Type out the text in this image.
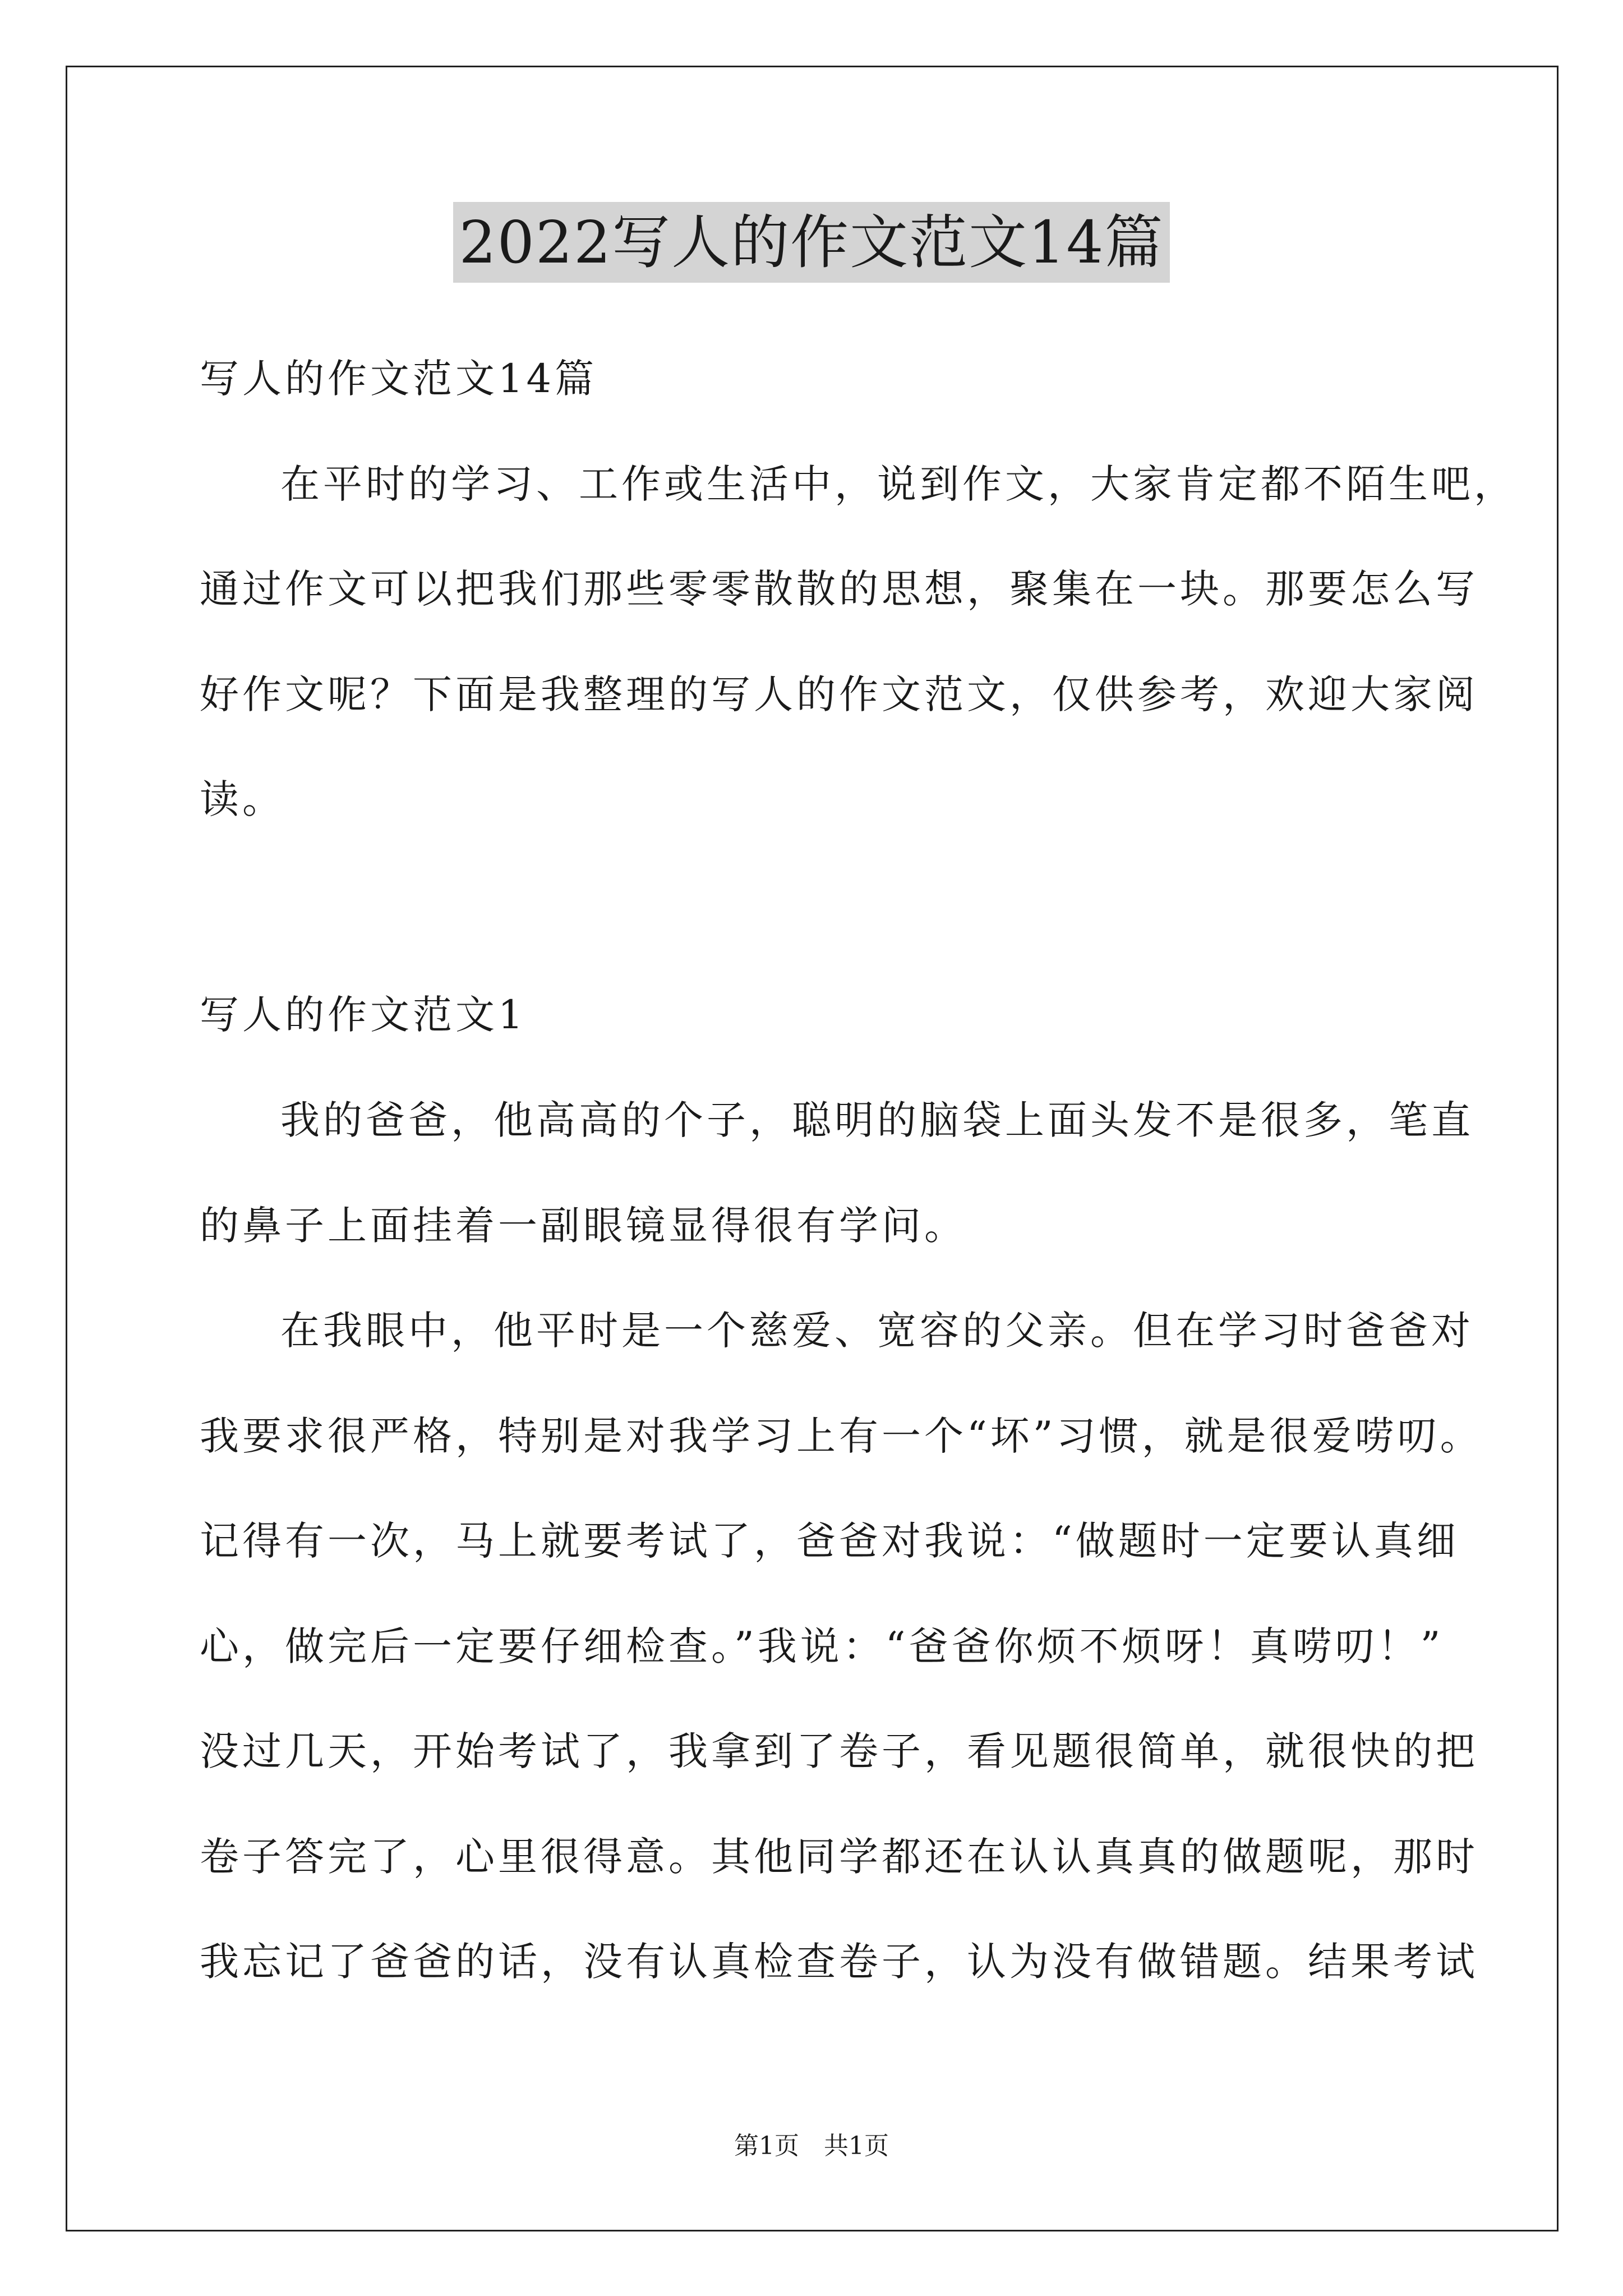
2022写人的作文范文14篇
写人的作文范文14篇
在平时的学习、工作或生活中，说到作文，大家肯定都不陌生吧，
通过作文可以把我们那些零零散散的思想，聚集在一块。那要怎么写
好作文呢？下面是我整理的写人的作文范文，仅供参考，欢迎大家阅
读。
写人的作文范文1
我的爸爸，他高高的个子，聪明的脑袋上面头发不是很多，笔直
的鼻子上面挂着一副眼镜显得很有学问。
在我眼中，他平时是一个慈爱、宽容的父亲。但在学习时爸爸对
我要求很严格，特别是对我学习上有一个“坏”习惯，就是很爱唠叨。
记得有一次，马上就要考试了，爸爸对我说：“做题时一定要认真细
心，做完后一定要仔细检查。”我说：“爸爸你烦不烦呀！真唠叨！”
没过几天，开始考试了，我拿到了卷子，看见题很简单，就很快的把
卷子答完了，心里很得意。其他同学都还在认认真真的做题呢，那时
我忘记了爸爸的话，没有认真检查卷子，认为没有做错题。结果考试
第1页　共1页
